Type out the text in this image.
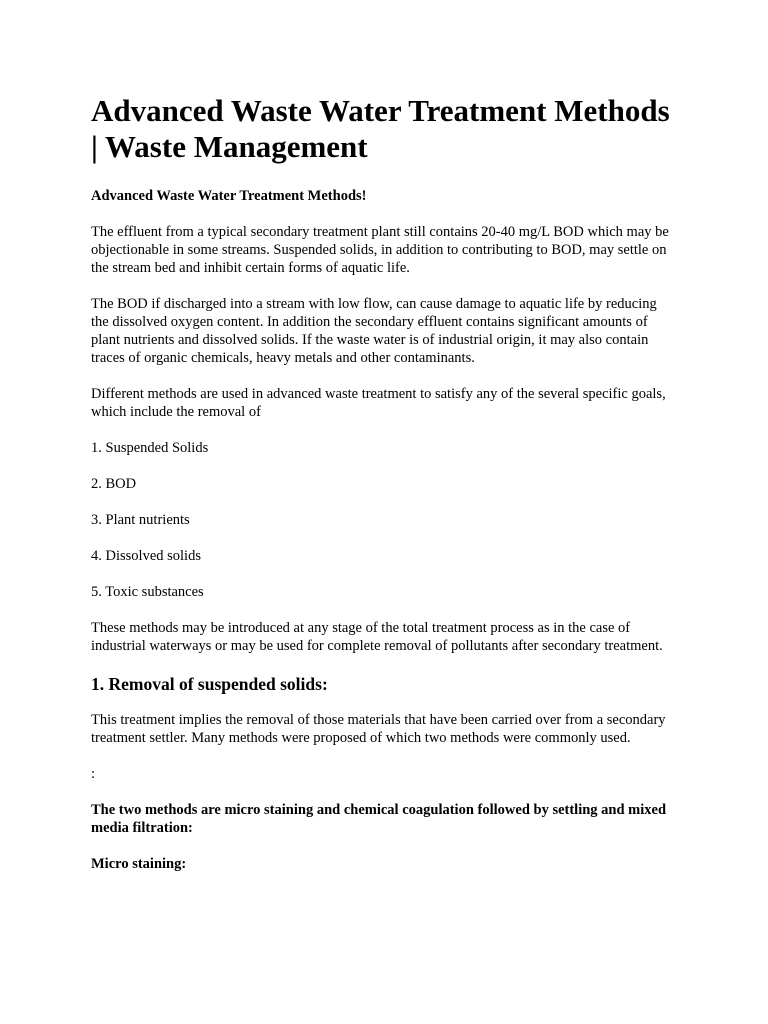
Advanced Waste Water Treatment Methods | Waste Management
Advanced Waste Water Treatment Methods!

The effluent from a typical secondary treatment plant still contains 20-40 mg/L BOD which may be objectionable in some streams. Suspended solids, in addition to contributing to BOD, may settle on the stream bed and inhibit certain forms of aquatic life.

The BOD if discharged into a stream with low flow, can cause damage to aquatic life by reducing the dissolved oxygen content. In addition the secondary effluent contains significant amounts of plant nutrients and dissolved solids. If the waste water is of industrial origin, it may also contain traces of organic chemicals, heavy metals and other contaminants.

Different methods are used in advanced waste treatment to satisfy any of the several specific goals, which include the removal of

1. Suspended Solids
2. BOD
3. Plant nutrients
4. Dissolved solids
5. Toxic substances

These methods may be introduced at any stage of the total treatment process as in the case of industrial waterways or may be used for complete removal of pollutants after secondary treatment.

1. Removal of suspended solids:

This treatment implies the removal of those materials that have been carried over from a secondary treatment settler. Many methods were proposed of which two methods were commonly used.

:

The two methods are micro staining and chemical coagulation followed by settling and mixed media filtration:

Micro staining:
